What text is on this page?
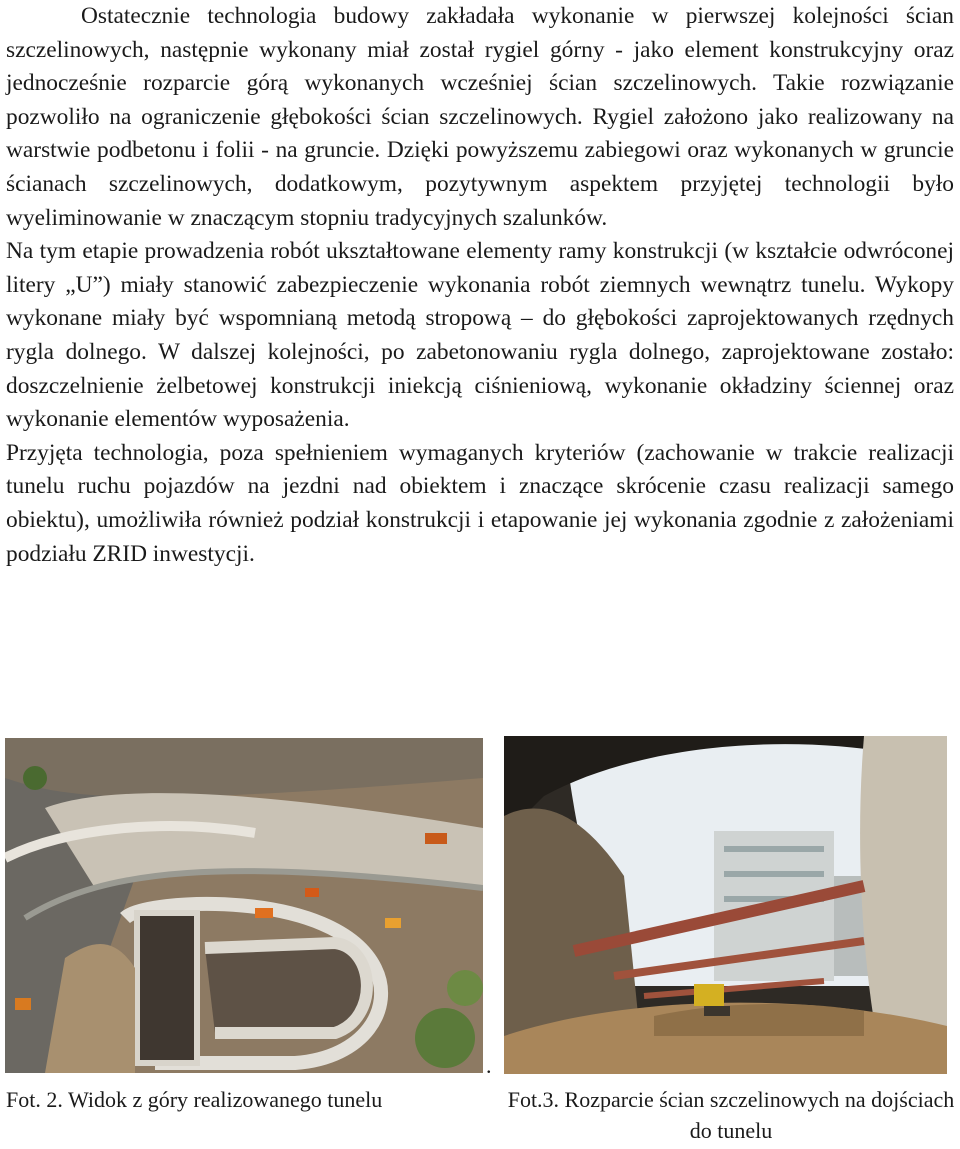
Ostatecznie technologia budowy zakładała wykonanie w pierwszej kolejności ścian szczelinowych, następnie wykonany miał został rygiel górny - jako element konstrukcyjny oraz jednocześnie rozparcie górą wykonanych wcześniej ścian szczelinowych. Takie rozwiązanie pozwoliło na ograniczenie głębokości ścian szczelinowych. Rygiel założono jako realizowany na warstwie podbetonu i folii - na gruncie. Dzięki powyższemu zabiegowi oraz wykonanych w gruncie ścianach szczelinowych, dodatkowym, pozytywnym aspektem przyjętej technologii było wyeliminowanie w znaczącym stopniu tradycyjnych szalunków.

Na tym etapie prowadzenia robót ukształtowane elementy ramy konstrukcji (w kształcie odwróconej litery „U”) miały stanowić zabezpieczenie wykonania robót ziemnych wewnątrz tunelu. Wykopy wykonane miały być wspomnianą metodą stropową – do głębokości zaprojektowanych rzędnych rygla dolnego. W dalszej kolejności, po zabetonowaniu rygla dolnego, zaprojektowane zostało: doszczelnienie żelbetowej konstrukcji iniekcją ciśnieniową, wykonanie okładziny ściennej oraz wykonanie elementów wyposażenia.

Przyjęta technologia, poza spełnieniem wymaganych kryteriów (zachowanie w trakcie realizacji tunelu ruchu pojazdów na jezdni nad obiektem i znaczące skrócenie czasu realizacji samego obiektu), umożliwiła również podział konstrukcji i etapowanie jej wykonania zgodnie z założeniami podziału ZRID inwestycji.

.
Fot. 2. Widok z góry realizowanego tunelu	Fot.3. Rozparcie ścian szczelinowych na dojściach do tunelu
